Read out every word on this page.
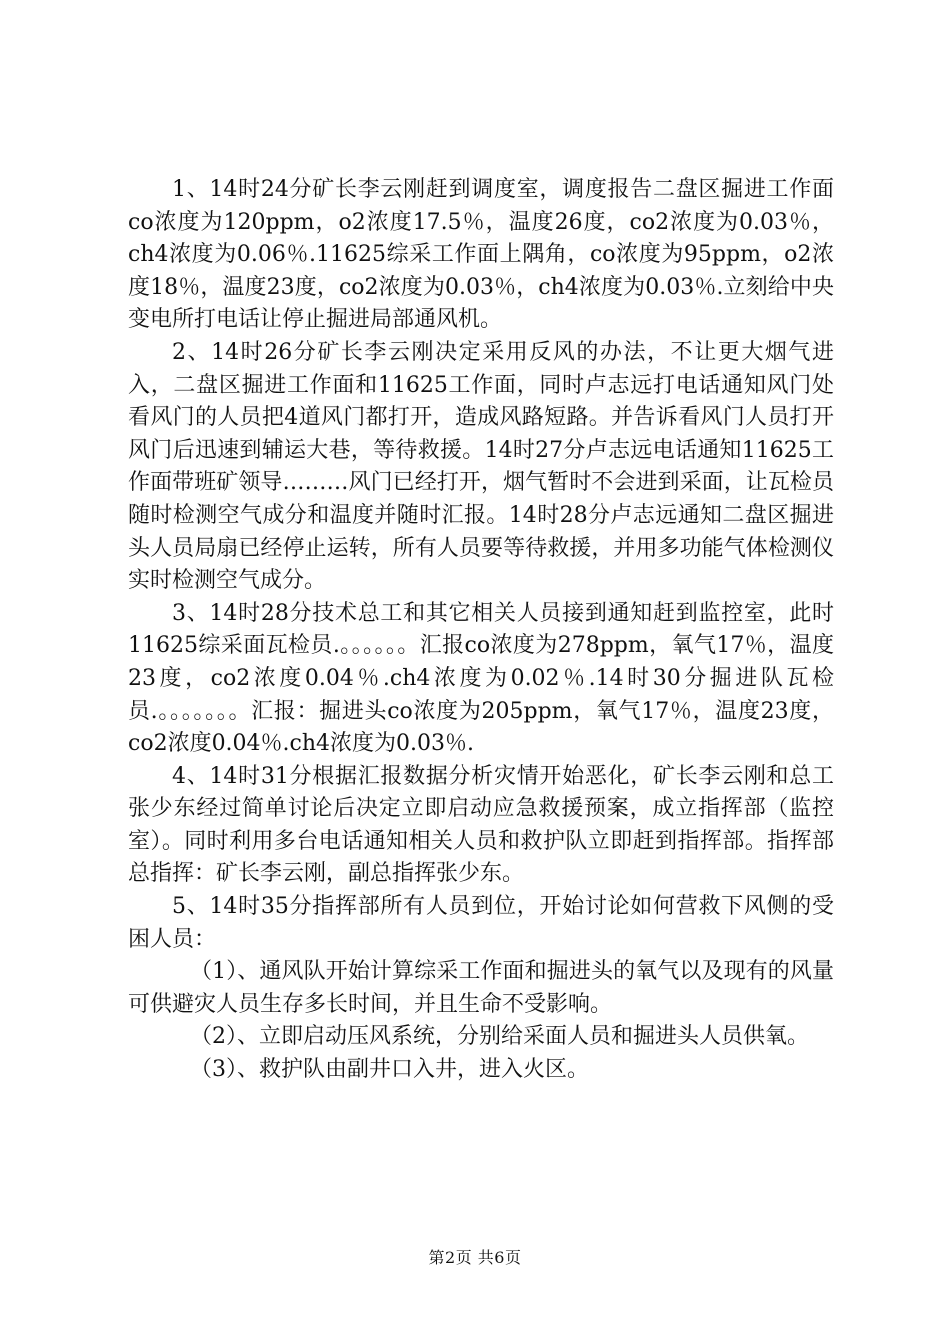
1、14时24分矿长李云刚赶到调度室，调度报告二盘区掘进工作面co浓度为120ppm，o2浓度17.5％，温度26度，co2浓度为0.03％，ch4浓度为0.06％.11625综采工作面上隅角，co浓度为95ppm，o2浓度18％，温度23度，co2浓度为0.03％，ch4浓度为0.03％.立刻给中央变电所打电话让停止掘进局部通风机。

2、14时26分矿长李云刚决定采用反风的办法，不让更大烟气进入，二盘区掘进工作面和11625工作面，同时卢志远打电话通知风门处看风门的人员把4道风门都打开，造成风路短路。并告诉看风门人员打开风门后迅速到辅运大巷，等待救援。14时27分卢志远电话通知11625工作面带班矿领导………风门已经打开，烟气暂时不会进到采面，让瓦检员随时检测空气成分和温度并随时汇报。14时28分卢志远通知二盘区掘进头人员局扇已经停止运转，所有人员要等待救援，并用多功能气体检测仪实时检测空气成分。

3、14时28分技术总工和其它相关人员接到通知赶到监控室，此时11625综采面瓦检员.。。。。。。汇报co浓度为278ppm，氧气17％，温度23度，co2浓度0.04％.ch4浓度为0.02％.14时30分掘进队瓦检员.。。。。。。。汇报：掘进头co浓度为205ppm，氧气17％，温度23度，co2浓度0.04％.ch4浓度为0.03％.

4、14时31分根据汇报数据分析灾情开始恶化，矿长李云刚和总工张少东经过简单讨论后决定立即启动应急救援预案，成立指挥部（监控室）。同时利用多台电话通知相关人员和救护队立即赶到指挥部。指挥部总指挥：矿长李云刚，副总指挥张少东。

5、14时35分指挥部所有人员到位，开始讨论如何营救下风侧的受困人员：

（1）、通风队开始计算综采工作面和掘进头的氧气以及现有的风量可供避灾人员生存多长时间，并且生命不受影响。

（2）、立即启动压风系统，分别给采面人员和掘进头人员供氧。

（3）、救护队由副井口入井，进入火区。

第2页 共6页
